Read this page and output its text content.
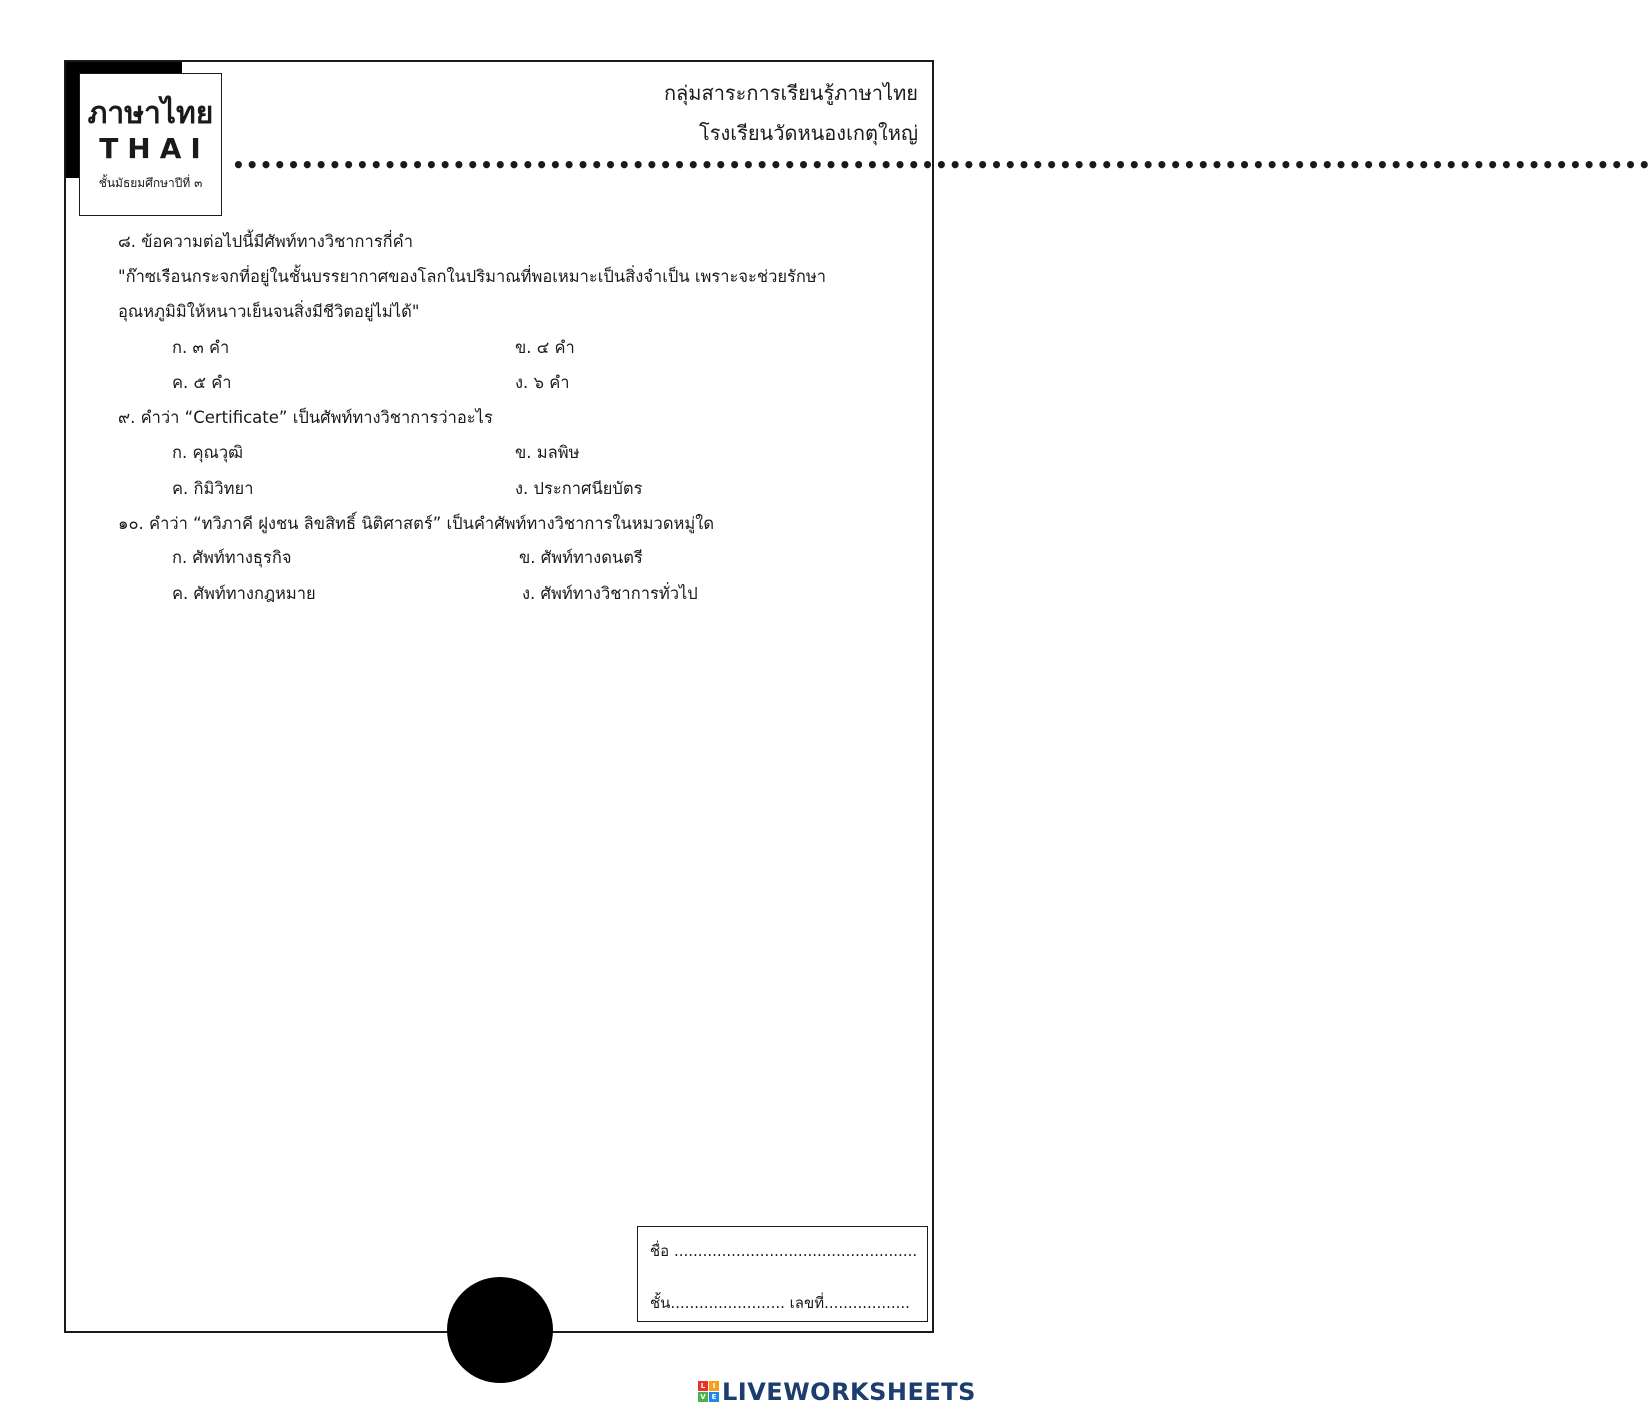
ภาษาไทย
THAI
ชั้นมัธยมศึกษาปีที่ ๓
กลุ่มสาระการเรียนรู้ภาษาไทย
โรงเรียนวัดหนองเกตุใหญ่
•••••••••••••••••••••••••••••••••••••••••••••••••••••••••••••••••••••••••••••••••••••••••••••••••••••••
๘. ข้อความต่อไปนี้มีศัพท์ทางวิชาการกี่คำ
"ก๊าซเรือนกระจกที่อยู่ในชั้นบรรยากาศของโลกในปริมาณที่พอเหมาะเป็นสิ่งจำเป็น เพราะจะช่วยรักษา
อุณหภูมิมิให้หนาวเย็นจนสิ่งมีชีวิตอยู่ไม่ได้"
ก. ๓ คำ	ข. ๔ คำ
ค. ๕ คำ	ง. ๖ คำ
๙. คำว่า “Certificate” เป็นศัพท์ทางวิชาการว่าอะไร
ก. คุณวุฒิ	ข. มลพิษ
ค. กิมิวิทยา	ง. ประกาศนียบัตร
๑๐. คำว่า “ทวิภาคี ฝูงชน ลิขสิทธิ์ นิติศาสตร์” เป็นคำศัพท์ทางวิชาการในหมวดหมู่ใด
ก. ศัพท์ทางธุรกิจ	ข. ศัพท์ทางดนตรี
ค. ศัพท์ทางกฎหมาย	ง. ศัพท์ทางวิชาการทั่วไป
ชื่อ ...................................................
ชั้น........................ เลขที่..................
L	I
V E LIVEWORKSHEETS
